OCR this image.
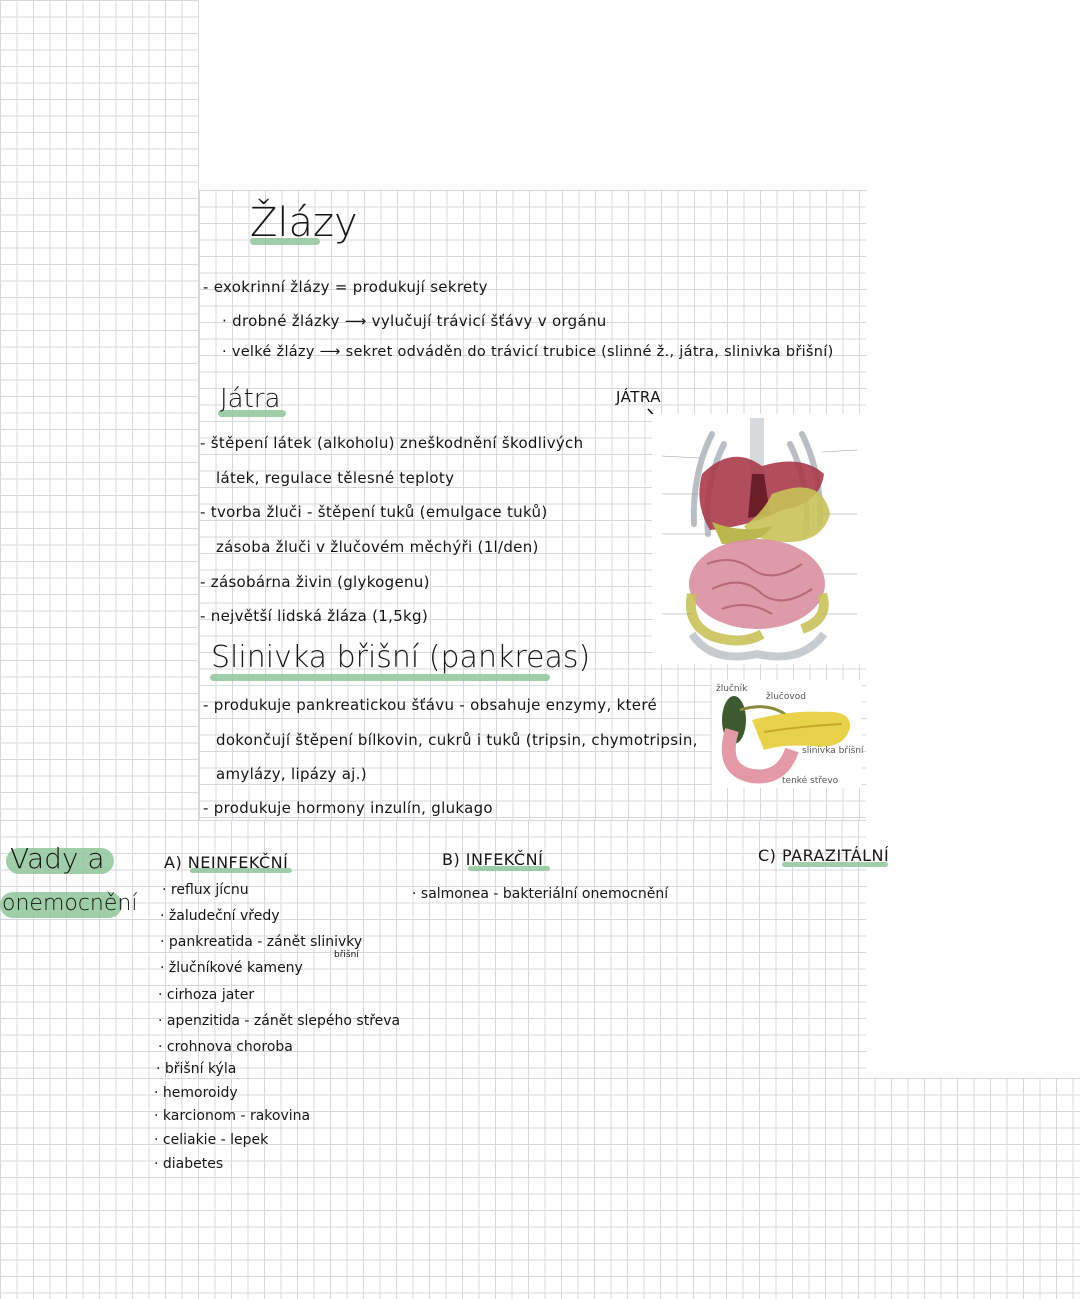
Žlázy
- exokrinní žlázy = produkují sekrety
· drobné žlázky ⟶ vylučují trávicí šťávy v orgánu
· velké žlázy ⟶ sekret odváděn do trávicí trubice (slinné ž., játra, slinivka břišní)
Játra
- štěpení látek (alkoholu) zneškodnění škodlivých
látek, regulace tělesné teploty
- tvorba žluči - štěpení tuků (emulgace tuků)
zásoba žluči v žlučovém měchýři (1l/den)
- zásobárna živin (glykogenu)
- největší lidská žláza (1,5kg)
JÁTRA
Slinivka břišní (pankreas)
- produkuje pankreatickou šťávu - obsahuje enzymy, které
dokončují štěpení bílkovin, cukrů i tuků (tripsin, chymotripsin,
amylázy, lipázy aj.)
- produkuje hormony inzulín, glukago
žlučník
žlučovod
slinivka břišní
tenké střevo
Vady a
onemocnění
A) NEINFEKČNÍ
· reflux jícnu
· žaludeční vředy
· pankreatida - zánět slinivky
břišní
· žlučníkové kameny
· cirhoza jater
· apenzitida - zánět slepého střeva
· crohnova choroba
· břišní kýla
· hemoroidy
· karcionom - rakovina
· celiakie - lepek
· diabetes
B) INFEKČNÍ
· salmonea - bakteriální onemocnění
C) PARAZITÁLNÍ
